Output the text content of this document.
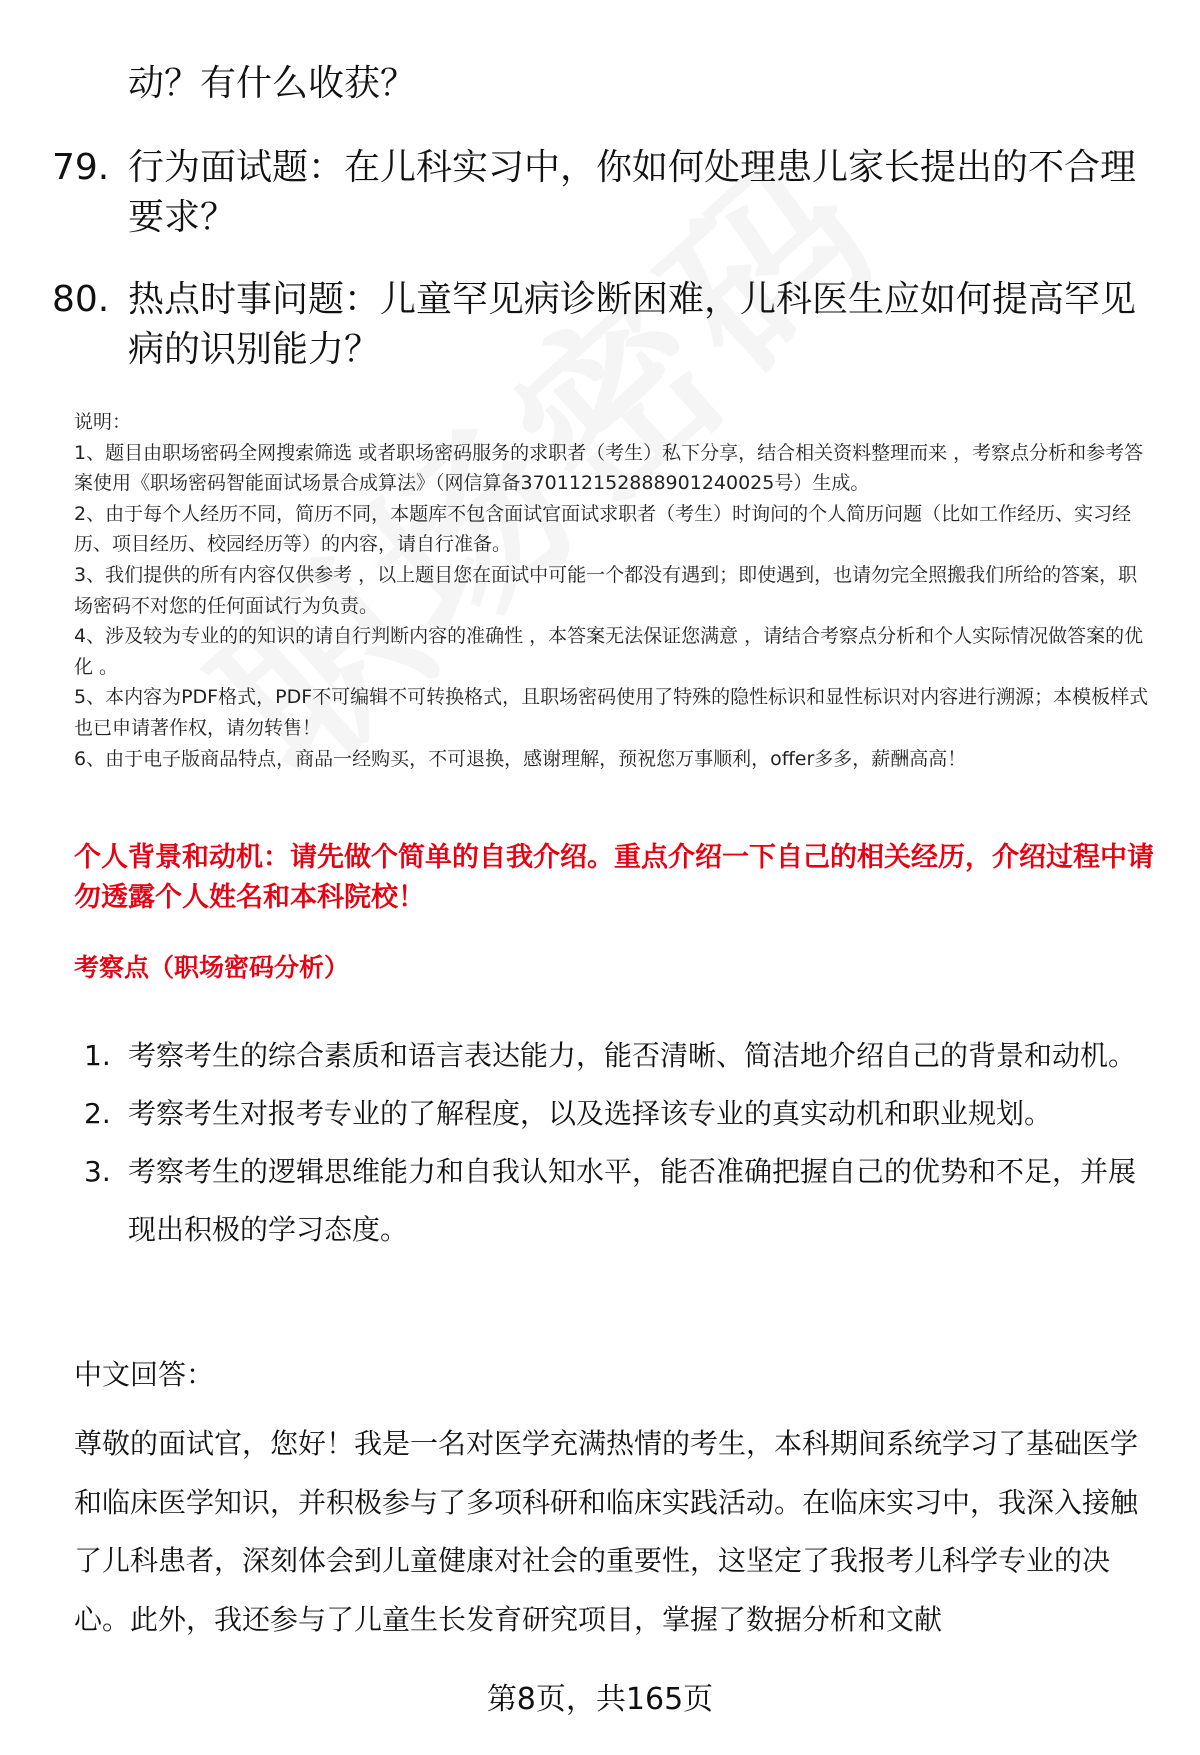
动？有什么收获？
79. 行为面试题：在儿科实习中，你如何处理患儿家长提出的不合理要求？
80. 热点时事问题：儿童罕见病诊断困难，儿科医生应如何提高罕见病的识别能力？

说明：

1、题目由职场密码全网搜索筛选 或者职场密码服务的求职者（考生）私下分享，结合相关资料整理而来 ，考察点分析和参考答案使用《职场密码智能面试场景合成算法》（网信算备370112152888901240025号）生成。

2、由于每个人经历不同，简历不同，本题库不包含面试官面试求职者（考生）时询问的个人简历问题（比如工作经历、实习经历、项目经历、校园经历等）的内容，请自行准备。

3、我们提供的所有内容仅供参考 ，以上题目您在面试中可能一个都没有遇到；即使遇到，也请勿完全照搬我们所给的答案，职场密码不对您的任何面试行为负责。

4、涉及较为专业的的知识的请自行判断内容的准确性 ，本答案无法保证您满意 ，请结合考察点分析和个人实际情况做答案的优化 。

5、本内容为PDF格式，PDF不可编辑不可转换格式，且职场密码使用了特殊的隐性标识和显性标识对内容进行溯源；本模板样式也已申请著作权，请勿转售！

6、由于电子版商品特点，商品一经购买，不可退换，感谢理解，预祝您万事顺利，offer多多，薪酬高高！

个人背景和动机：请先做个简单的自我介绍。重点介绍一下自己的相关经历，介绍过程中请勿透露个人姓名和本科院校！
考察点（职场密码分析）
1. 考察考生的综合素质和语言表达能力，能否清晰、简洁地介绍自己的背景和动机。
2. 考察考生对报考专业的了解程度，以及选择该专业的真实动机和职业规划。
3. 考察考生的逻辑思维能力和自我认知水平，能否准确把握自己的优势和不足，并展现出积极的学习态度。
中文回答：
尊敬的面试官，您好！我是一名对医学充满热情的考生，本科期间系统学习了基础医学和临床医学知识，并积极参与了多项科研和临床实践活动。在临床实习中，我深入接触了儿科患者，深刻体会到儿童健康对社会的重要性，这坚定了我报考儿科学专业的决心。此外，我还参与了儿童生长发育研究项目，掌握了数据分析和文献
第8页，共165页
